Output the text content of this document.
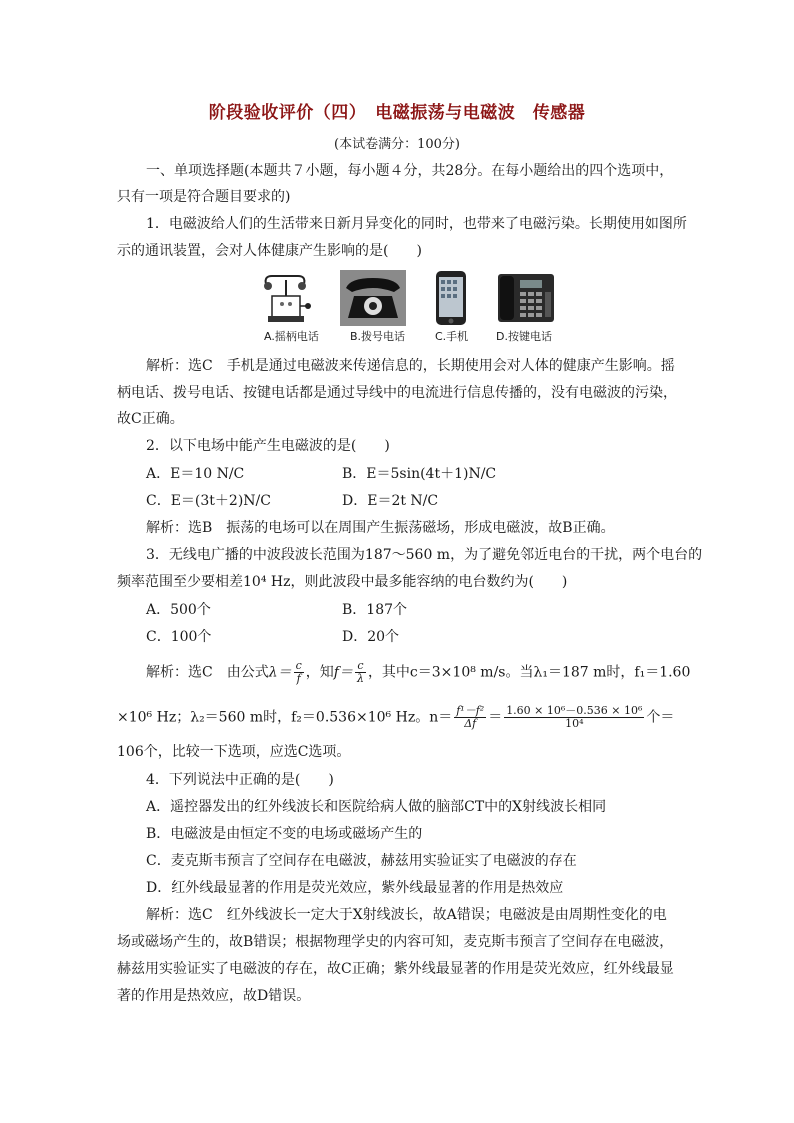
阶段验收评价（四）　电磁振荡与电磁波　传感器
(本试卷满分：100分)
一、单项选择题(本题共７小题，每小题４分，共28分。在每小题给出的四个选项中，
只有一项是符合题目要求的)
1．电磁波给人们的生活带来日新月异变化的同时，也带来了电磁污染。长期使用如图所
示的通讯装置，会对人体健康产生影响的是(　　)
A.摇柄电话	B.拨号电话	C.手机	D.按键电话
解析：选C　手机是通过电磁波来传递信息的，长期使用会对人体的健康产生影响。摇
柄电话、拨号电话、按键电话都是通过导线中的电流进行信息传播的，没有电磁波的污染，
故C正确。
2．以下电场中能产生电磁波的是(　　)
A．E＝10 N/C	B．E＝5sin(4t＋1)N/C
C．E＝(3t＋2)N/C	D．E＝2t N/C
解析：选B　振荡的电场可以在周围产生振荡磁场，形成电磁波，故B正确。
3．无线电广播的中波段波长范围为187～560 m，为了避免邻近电台的干扰，两个电台的
频率范围至少要相差10⁴ Hz，则此波段中最多能容纳的电台数约为(　　)
A．500个	B．187个
C．100个	D．20个
解析：选C　由公式$\lambda= \frac{c}{f}$ ，知$f= \frac{c}{\lambda}$ ，其中c＝3×10⁸ m/s。当λ₁＝187 m时，f₁＝1.60
×10⁶ Hz；λ₂＝560 m时，f₂＝0.536×10⁶ Hz。$n= \frac{\text{f¹－f²}}{\Delta f} = \frac{\text{1.60 × 10⁶－0.536 × 10⁶}}{\text{10⁴}}$ 个＝
106个，比较一下选项，应选C选项。
4．下列说法中正确的是(　　)
A．遥控器发出的红外线波长和医院给病人做的脑部CT中的X射线波长相同
B．电磁波是由恒定不变的电场或磁场产生的
C．麦克斯韦预言了空间存在电磁波，赫兹用实验证实了电磁波的存在
D．红外线最显著的作用是荧光效应，紫外线最显著的作用是热效应
解析：选C　红外线波长一定大于X射线波长，故A错误；电磁波是由周期性变化的电
场或磁场产生的，故B错误；根据物理学史的内容可知，麦克斯韦预言了空间存在电磁波，
赫兹用实验证实了电磁波的存在，故C正确；紫外线最显著的作用是荧光效应，红外线最显
著的作用是热效应，故D错误。
